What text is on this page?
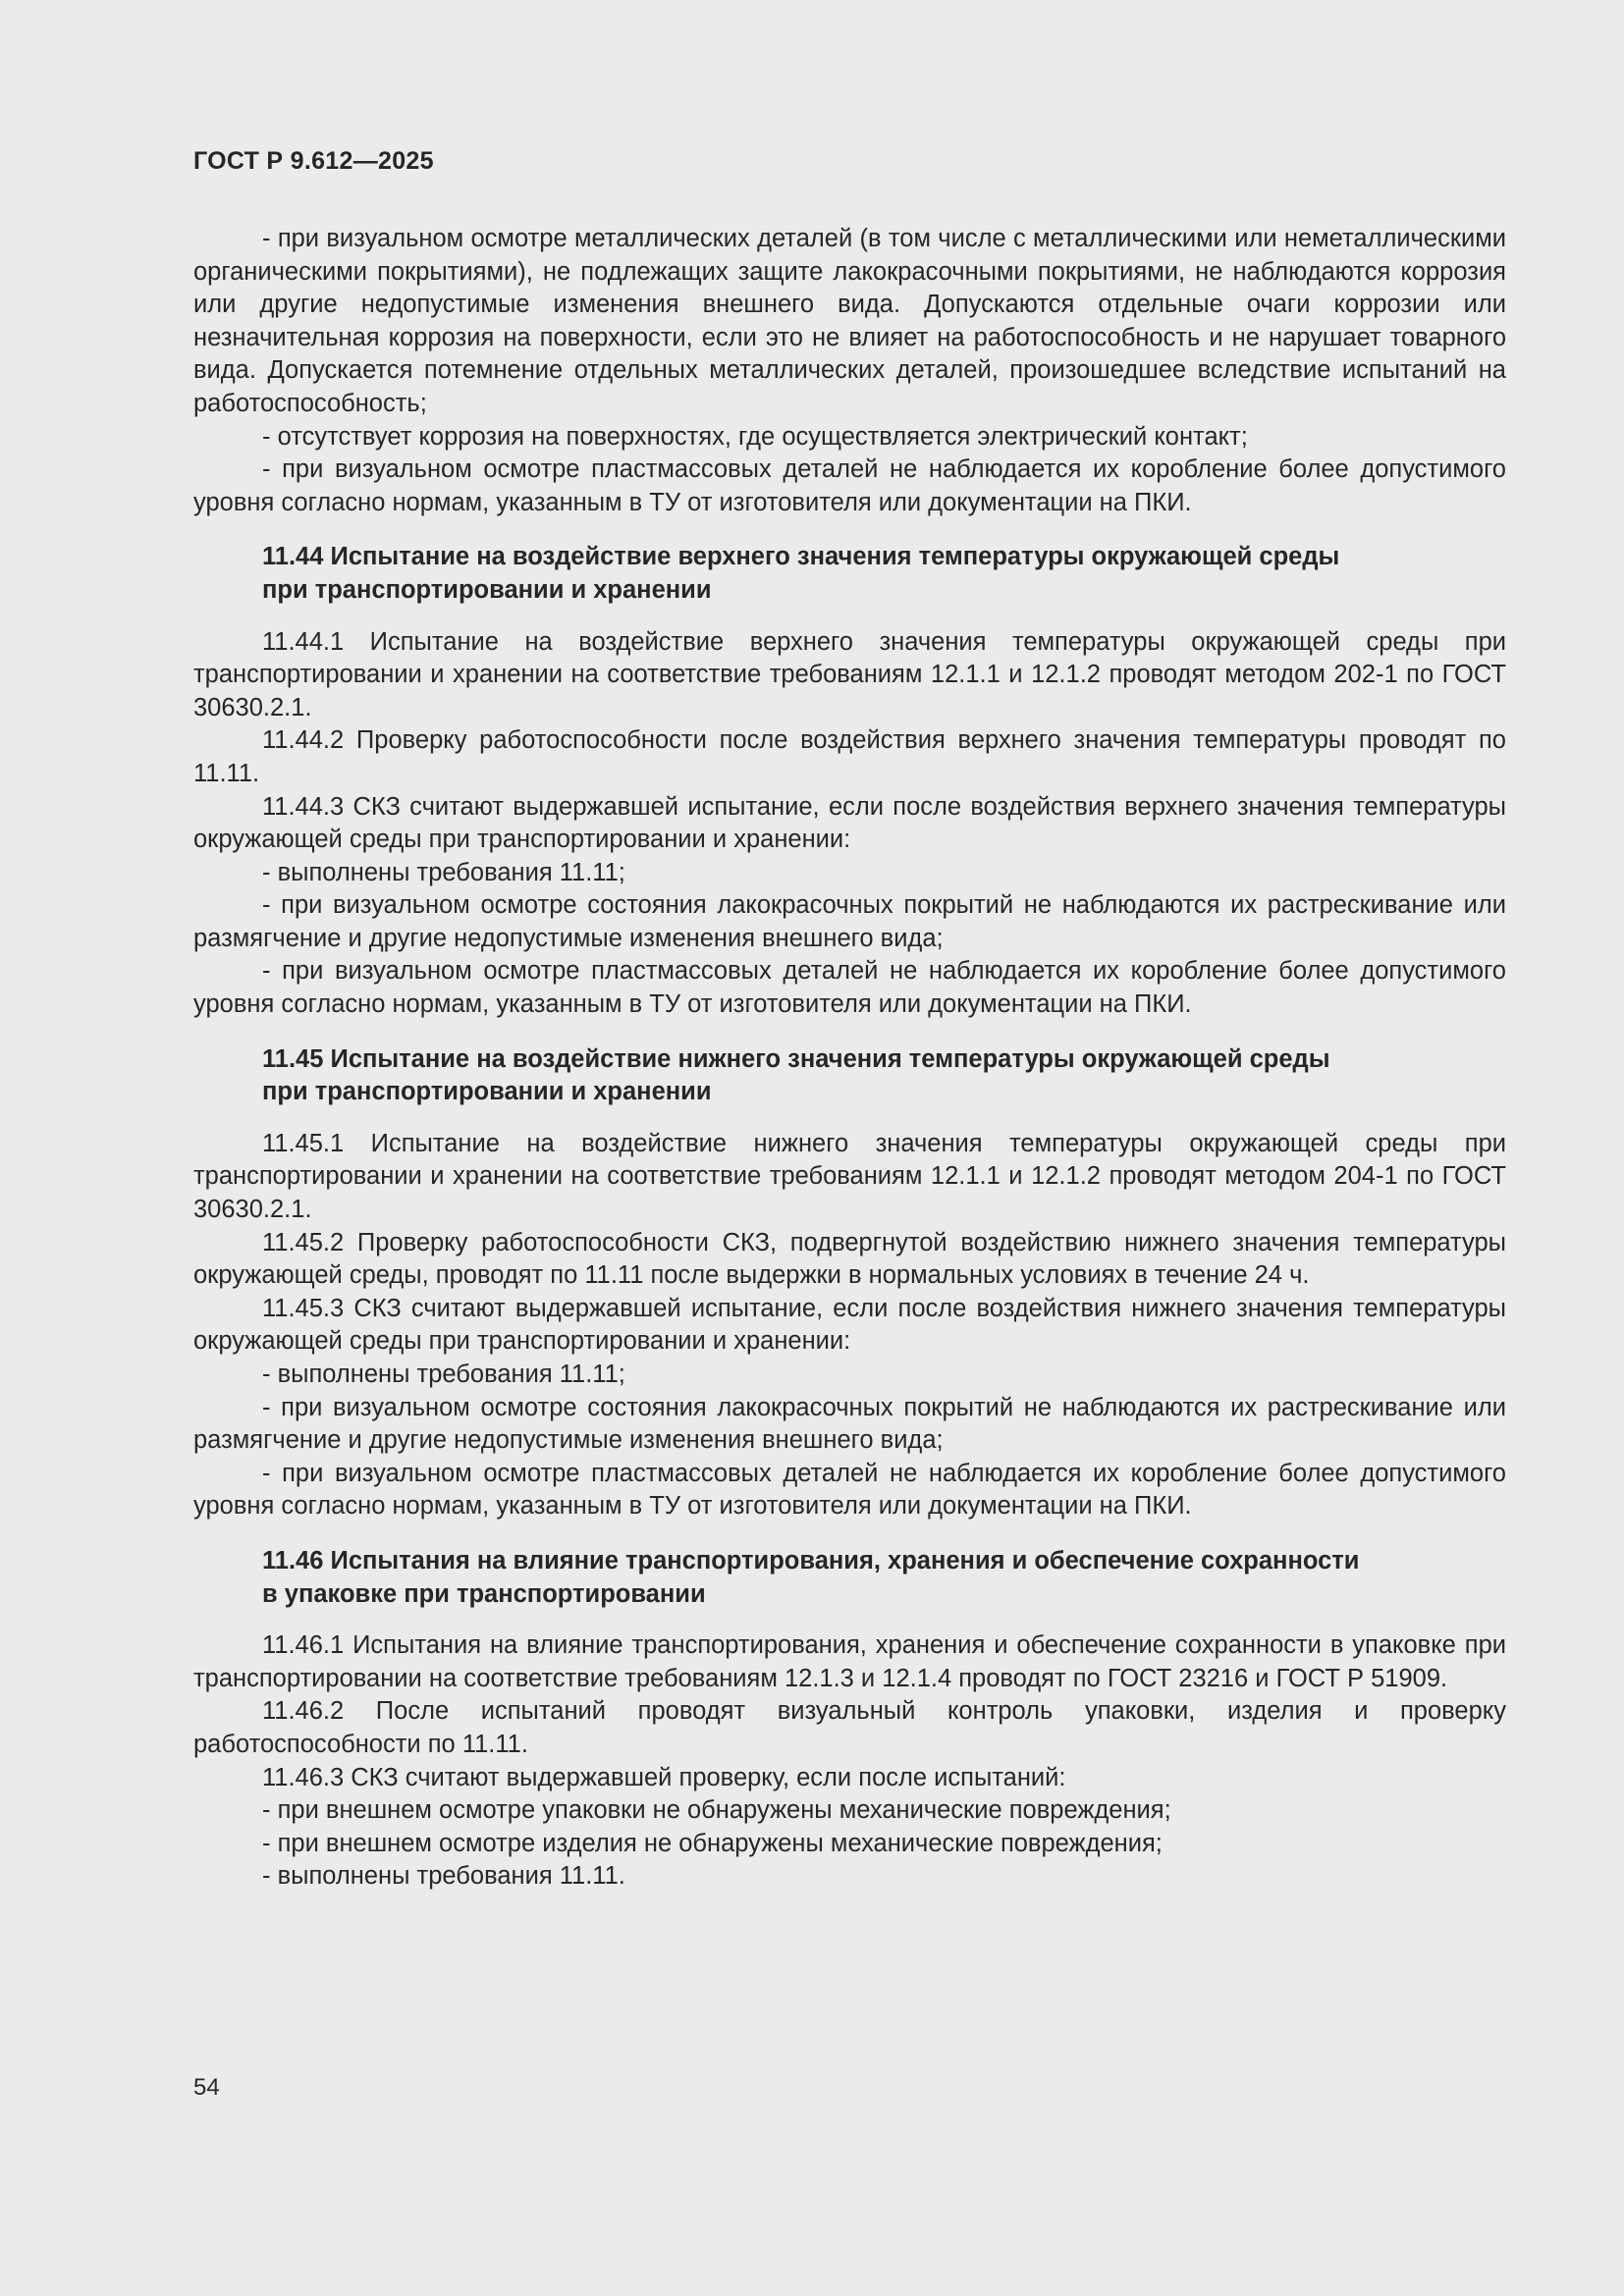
ГОСТ Р 9.612—2025

- при визуальном осмотре металлических деталей (в том числе с металлическими или неметаллическими органическими покрытиями), не подлежащих защите лакокрасочными покрытиями, не наблюдаются коррозия или другие недопустимые изменения внешнего вида. Допускаются отдельные очаги коррозии или незначительная коррозия на поверхности, если это не влияет на работоспособность и не нарушает товарного вида. Допускается потемнение отдельных металлических деталей, произошедшее вследствие испытаний на работоспособность;

- отсутствует коррозия на поверхностях, где осуществляется электрический контакт;

- при визуальном осмотре пластмассовых деталей не наблюдается их коробление более допустимого уровня согласно нормам, указанным в ТУ от изготовителя или документации на ПКИ.

11.44 Испытание на воздействие верхнего значения температуры окружающей среды
при транспортировании и хранении

11.44.1 Испытание на воздействие верхнего значения температуры окружающей среды при транспортировании и хранении на соответствие требованиям 12.1.1 и 12.1.2 проводят методом 202-1 по ГОСТ 30630.2.1.

11.44.2 Проверку работоспособности после воздействия верхнего значения температуры проводят по 11.11.

11.44.3 СКЗ считают выдержавшей испытание, если после воздействия верхнего значения температуры окружающей среды при транспортировании и хранении:

- выполнены требования 11.11;

- при визуальном осмотре состояния лакокрасочных покрытий не наблюдаются их растрескивание или размягчение и другие недопустимые изменения внешнего вида;

- при визуальном осмотре пластмассовых деталей не наблюдается их коробление более допустимого уровня согласно нормам, указанным в ТУ от изготовителя или документации на ПКИ.

11.45 Испытание на воздействие нижнего значения температуры окружающей среды
при транспортировании и хранении

11.45.1 Испытание на воздействие нижнего значения температуры окружающей среды при транспортировании и хранении на соответствие требованиям 12.1.1 и 12.1.2 проводят методом 204-1 по ГОСТ 30630.2.1.

11.45.2 Проверку работоспособности СКЗ, подвергнутой воздействию нижнего значения температуры окружающей среды, проводят по 11.11 после выдержки в нормальных условиях в течение 24 ч.

11.45.3 СКЗ считают выдержавшей испытание, если после воздействия нижнего значения температуры окружающей среды при транспортировании и хранении:

- выполнены требования 11.11;

- при визуальном осмотре состояния лакокрасочных покрытий не наблюдаются их растрескивание или размягчение и другие недопустимые изменения внешнего вида;

- при визуальном осмотре пластмассовых деталей не наблюдается их коробление более допустимого уровня согласно нормам, указанным в ТУ от изготовителя или документации на ПКИ.

11.46 Испытания на влияние транспортирования, хранения и обеспечение сохранности
в упаковке при транспортировании

11.46.1 Испытания на влияние транспортирования, хранения и обеспечение сохранности в упаковке при транспортировании на соответствие требованиям 12.1.3 и 12.1.4 проводят по ГОСТ 23216 и ГОСТ Р 51909.

11.46.2 После испытаний проводят визуальный контроль упаковки, изделия и проверку работоспособности по 11.11.

11.46.3 СКЗ считают выдержавшей проверку, если после испытаний:

- при внешнем осмотре упаковки не обнаружены механические повреждения;

- при внешнем осмотре изделия не обнаружены механические повреждения;

- выполнены требования 11.11.

54
